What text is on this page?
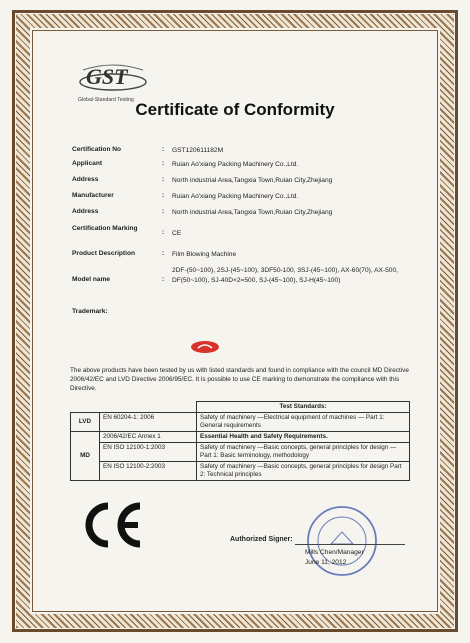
GST
Global-Standard Testing Certificate of Conformity
Certification No	: GST120611182M
Applicant	: Ruian Ao'xiang Packing Machinery Co.,Ltd.
Address	: North industrial Area,Tangxia Town,Ruian City,Zhejiang
Manufacturer	: Ruian Ao'xiang Packing Machinery Co.,Ltd.
Address	: North industrial Area,Tangxia Town,Ruian City,Zhejiang
Certification Marking
: CE
Product Description	: Film Blowing Machine
Model name	:
2DF-(50~100), 2SJ-(45~100), 3DF50-100, 3SJ-(45~100), AX-60(70), AX-500, DF(50~100), SJ-40D×2=500, SJ-(45~100), SJ-H(45~100)
Trademark:
The above products have been tested by us with listed standards and found in compliance with the council MD Directive 2006/42/EC and LVD Directive 2006/95/EC. It is possible to use CE marking to demonstrate the compliance with this Directive.
		Test Standards:
LVD	EN 60204-1: 2006	Safety of machinery —Electrical equipment of machines — Part 1: General requirements
MD	2006/42/EC Annex 1	Essential Health and Safety Requirements.
	EN ISO 12100-1:2003	Safety of machinery —Basic concepts, general principles for design —Part 1: Basic terminology, methodology
	EN ISO 12100-2:2003	Safety of machinery —Basic concepts, general principles for design Part 2: Technical principles
Authorized Signer:
Mills Chen/Manager
June 11, 2012
